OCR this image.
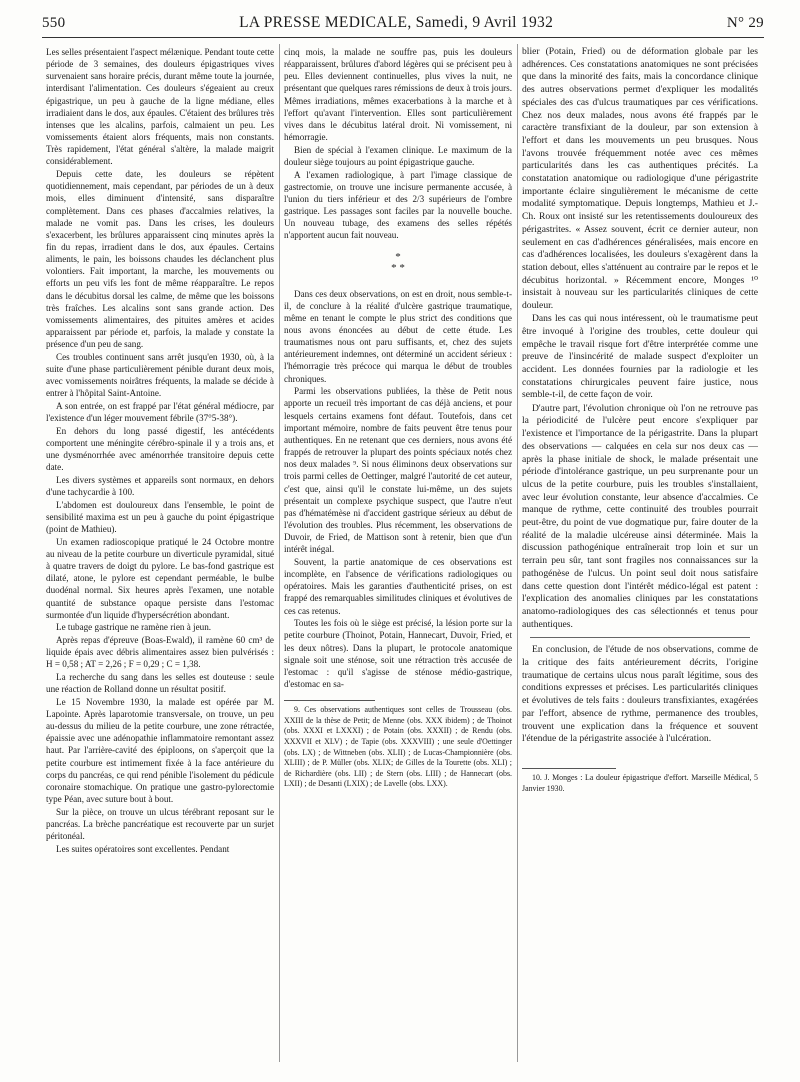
550	LA PRESSE MEDICALE, Samedi, 9 Avril 1932	N° 29

Les selles présentaient l'aspect mélænique. Pendant toute cette période de 3 semaines, des douleurs épigastriques vives survenaient sans horaire précis, durant même toute la journée, interdisant l'alimentation. Ces douleurs s'égeaient au creux épigastrique, un peu à gauche de la ligne médiane, elles irradiaient dans le dos, aux épaules. C'étaient des brûlures très intenses que les alcalins, parfois, calmaient un peu. Les vomissements étaient alors fréquents, mais non constants. Très rapidement, l'état général s'altère, la malade maigrit considérablement.

Depuis cette date, les douleurs se répètent quotidiennement, mais cependant, par périodes de un à deux mois, elles diminuent d'intensité, sans disparaître complètement. Dans ces phases d'accalmies relatives, la malade ne vomit pas. Dans les crises, les douleurs s'exacerbent, les brûlures apparaissent cinq minutes après la fin du repas, irradient dans le dos, aux épaules. Certains aliments, le pain, les boissons chaudes les déclanchent plus volontiers. Fait important, la marche, les mouvements ou efforts un peu vifs les font de même réapparaître. Le repos dans le décubitus dorsal les calme, de même que les boissons très fraîches. Les alcalins sont sans grande action. Des vomissements alimentaires, des pituites amères et acides apparaissent par période et, parfois, la malade y constate la présence d'un peu de sang.

Ces troubles continuent sans arrêt jusqu'en 1930, où, à la suite d'une phase particulièrement pénible durant deux mois, avec vomissements noirâtres fréquents, la malade se décide à entrer à l'hôpital Saint-Antoine.

A son entrée, on est frappé par l'état général médiocre, par l'existence d'un léger mouvement fébrile (37°5-38°).

En dehors du long passé digestif, les antécédents comportent une méningite cérébro-spinale il y a trois ans, et une dysménorrhée avec aménorrhée transitoire depuis cette date.

Les divers systèmes et appareils sont normaux, en dehors d'une tachycardie à 100.

L'abdomen est douloureux dans l'ensemble, le point de sensibilité maxima est un peu à gauche du point épigastrique (point de Mathieu).

Un examen radioscopique pratiqué le 24 Octobre montre au niveau de la petite courbure un diverticule pyramidal, situé à quatre travers de doigt du pylore. Le bas-fond gastrique est dilaté, atone, le pylore est cependant perméable, le bulbe duodénal normal. Six heures après l'examen, une notable quantité de substance opaque persiste dans l'estomac surmontée d'un liquide d'hypersécrétion abondant.

Le tubage gastrique ne ramène rien à jeun.

Après repas d'épreuve (Boas-Ewald), il ramène 60 cm³ de liquide épais avec débris alimentaires assez bien pulvérisés : H = 0,58 ; AT = 2,26 ; F = 0,29 ; C = 1,38.

La recherche du sang dans les selles est douteuse : seule une réaction de Rolland donne un résultat positif.

Le 15 Novembre 1930, la malade est opérée par M. Lapointe. Après laparotomie transversale, on trouve, un peu au-dessus du milieu de la petite courbure, une zone rétractée, épaissie avec une adénopathie inflammatoire remontant assez haut. Par l'arrière-cavité des épiploons, on s'aperçoit que la petite courbure est intimement fixée à la face antérieure du corps du pancréas, ce qui rend pénible l'isolement du pédicule coronaire stomachique. On pratique une gastro-pylorectomie type Péan, avec suture bout à bout.

Sur la pièce, on trouve un ulcus térébrant reposant sur le pancréas. La brèche pancréatique est recouverte par un surjet péritonéal.

Les suites opératoires sont excellentes. Pendant

cinq mois, la malade ne souffre pas, puis les douleurs réapparaissent, brûlures d'abord légères qui se précisent peu à peu. Elles deviennent continuelles, plus vives la nuit, ne présentant que quelques rares rémissions de deux à trois jours. Mêmes irradiations, mêmes exacerbations à la marche et à l'effort qu'avant l'intervention. Elles sont particulièrement vives dans le décubitus latéral droit. Ni vomissement, ni hémorragie.

Bien de spécial à l'examen clinique. Le maximum de la douleur siège toujours au point épigastrique gauche.

A l'examen radiologique, à part l'image classique de gastrectomie, on trouve une incisure permanente accusée, à l'union du tiers inférieur et des 2/3 supérieurs de l'ombre gastrique. Les passages sont faciles par la nouvelle bouche. Un nouveau tubage, des examens des selles répétés n'apportent aucun fait nouveau.

*
* *

Dans ces deux observations, on est en droit, nous semble-t-il, de conclure à la réalité d'ulcère gastrique traumatique, même en tenant le compte le plus strict des conditions que nous avons énoncées au début de cette étude. Les traumatismes nous ont paru suffisants, et, chez des sujets antérieurement indemnes, ont déterminé un accident sérieux : l'hémorragie très précoce qui marqua le début de troubles chroniques.

Parmi les observations publiées, la thèse de Petit nous apporte un recueil très important de cas déjà anciens, et pour lesquels certains examens font défaut. Toutefois, dans cet important mémoire, nombre de faits peuvent être tenus pour authentiques. En ne retenant que ces derniers, nous avons été frappés de retrouver la plupart des points spéciaux notés chez nos deux malades ⁹. Si nous éliminons deux observations sur trois parmi celles de Oettinger, malgré l'autorité de cet auteur, c'est que, ainsi qu'il le constate lui-même, un des sujets présentait un complexe psychique suspect, que l'autre n'eut pas d'hématémèse ni d'accident gastrique sérieux au début de l'évolution des troubles. Plus récemment, les observations de Duvoir, de Fried, de Mattison sont à retenir, bien que d'un intérêt inégal.

Souvent, la partie anatomique de ces observations est incomplète, en l'absence de vérifications radiologiques ou opératoires. Mais les garanties d'authenticité prises, on est frappé des remarquables similitudes cliniques et évolutives de ces cas retenus.

Toutes les fois où le siège est précisé, la lésion porte sur la petite courbure (Thoinot, Potain, Hannecart, Duvoir, Fried, et les deux nôtres). Dans la plupart, le protocole anatomique signale soit une sténose, soit une rétraction très accusée de l'estomac : qu'il s'agisse de sténose médio-gastrique, d'estomac en sa-

9. Ces observations authentiques sont celles de Trousseau (obs. XXIII de la thèse de Petit; de Menne (obs. XXX ibidem) ; de Thoinot (obs. XXXI et LXXXI) ; de Potain (obs. XXXII) ; de Rendu (obs. XXXVII et XLV) ; de Tapie (obs. XXXVIII) ; une seule d'Oettinger (obs. LX) ; de Wittneben (obs. XLII) ; de Lucas-Championnière (obs. XLIII) ; de P. Müller (obs. XLIX; de Gilles de la Tourette (obs. XLI) ; de Richardière (obs. LII) ; de Stern (obs. LIII) ; de Hannecart (obs. LXII) ; de Desanti (LXIX) ; de Lavelle (obs. LXX).

blier (Potain, Fried) ou de déformation globale par les adhérences. Ces constatations anatomiques ne sont précisées que dans la minorité des faits, mais la concordance clinique des autres observations permet d'expliquer les modalités spéciales des cas d'ulcus traumatiques par ces vérifications. Chez nos deux malades, nous avons été frappés par le caractère transfixiant de la douleur, par son extension à l'effort et dans les mouvements un peu brusques. Nous l'avons trouvée fréquemment notée avec ces mêmes particularités dans les cas authentiques précités. La constatation anatomique ou radiologique d'une périgastrite importante éclaire singulièrement le mécanisme de cette modalité symptomatique. Depuis longtemps, Mathieu et J.-Ch. Roux ont insisté sur les retentissements douloureux des périgastrites. « Assez souvent, écrit ce dernier auteur, non seulement en cas d'adhérences généralisées, mais encore en cas d'adhérences localisées, les douleurs s'exagèrent dans la station debout, elles s'atténuent au contraire par le repos et le décubitus horizontal. » Récemment encore, Monges ¹⁰ insistait à nouveau sur les particularités cliniques de cette douleur.

Dans les cas qui nous intéressent, où le traumatisme peut être invoqué à l'origine des troubles, cette douleur qui empêche le travail risque fort d'être interprétée comme une preuve de l'insincérité de malade suspect d'exploiter un accident. Les données fournies par la radiologie et les constatations chirurgicales peuvent faire justice, nous semble-t-il, de cette façon de voir.

D'autre part, l'évolution chronique où l'on ne retrouve pas la périodicité de l'ulcère peut encore s'expliquer par l'existence et l'importance de la périgastrite. Dans la plupart des observations — calquées en cela sur nos deux cas — après la phase initiale de shock, le malade présentait une période d'intolérance gastrique, un peu surprenante pour un ulcus de la petite courbure, puis les troubles s'installaient, avec leur évolution constante, leur absence d'accalmies. Ce manque de rythme, cette continuité des troubles pourrait peut-être, du point de vue dogmatique pur, faire douter de la réalité de la maladie ulcéreuse ainsi déterminée. Mais la discussion pathogénique entraînerait trop loin et sur un terrain peu sûr, tant sont fragiles nos connaissances sur la pathogénèse de l'ulcus. Un point seul doit nous satisfaire dans cette question dont l'intérêt médico-légal est patent : l'explication des anomalies cliniques par les constatations anatomo-radiologiques des cas sélectionnés et tenus pour authentiques.

En conclusion, de l'étude de nos observations, comme de la critique des faits antérieurement décrits, l'origine traumatique de certains ulcus nous paraît légitime, sous des conditions expresses et précises. Les particularités cliniques et évolutives de tels faits : douleurs transfixiantes, exagérées par l'effort, absence de rythme, permanence des troubles, trouvent une explication dans la fréquence et souvent l'étendue de la périgastrite associée à l'ulcération.

10. J. Monges : La douleur épigastrique d'effort. Marseille Médical, 5 Janvier 1930.
